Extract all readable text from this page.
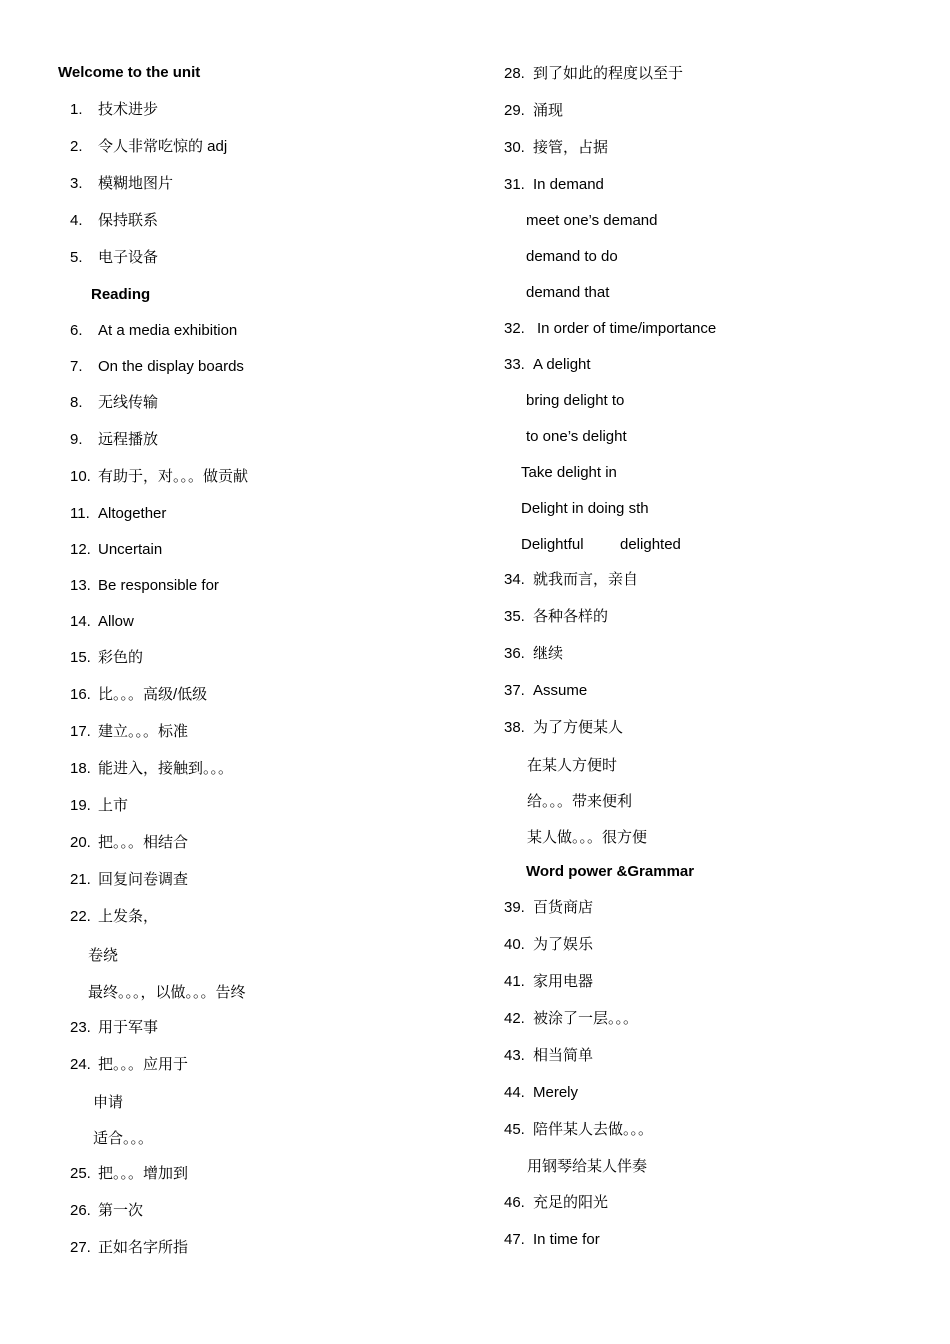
Welcome to the unit
1. 技术进步
2. 令人非常吃惊的 adj
3. 模糊地图片
4. 保持联系
5. 电子设备
Reading
6. At a media exhibition
7. On the display boards
8. 无线传输
9. 远程播放
10. 有助于，对。。。做贡献
11. Altogether
12. Uncertain
13. Be responsible for
14. Allow
15. 彩色的
16. 比。。。高级/低级
17. 建立。。。标准
18. 能进入，接触到。。。
19. 上市
20. 把。。。相结合
21. 回复问卷调查
22. 上发条，
卷绕
最终。。。，以做。。。告终
23. 用于军事
24. 把。。。应用于
申请
适合。。。
25. 把。。。增加到
26. 第一次
27. 正如名字所指
28. 到了如此的程度以至于
29. 涌现
30. 接管，占据
31. In demand
meet one’s demand
demand to do
demand that
32. In order of time/importance
33. A delight
bring delight to
to one’s delight
Take delight in
Delight in doing sth
Delightful delighted
34. 就我而言，亲自
35. 各种各样的
36. 继续
37. Assume
38. 为了方便某人
在某人方便时
给。。。带来便利
某人做。。。很方便
Word power &Grammar
39. 百货商店
40. 为了娱乐
41. 家用电器
42. 被涂了一层。。。
43. 相当简单
44. Merely
45. 陪伴某人去做。。。
用钢琴给某人伴奏
46. 充足的阳光
47. In time for
